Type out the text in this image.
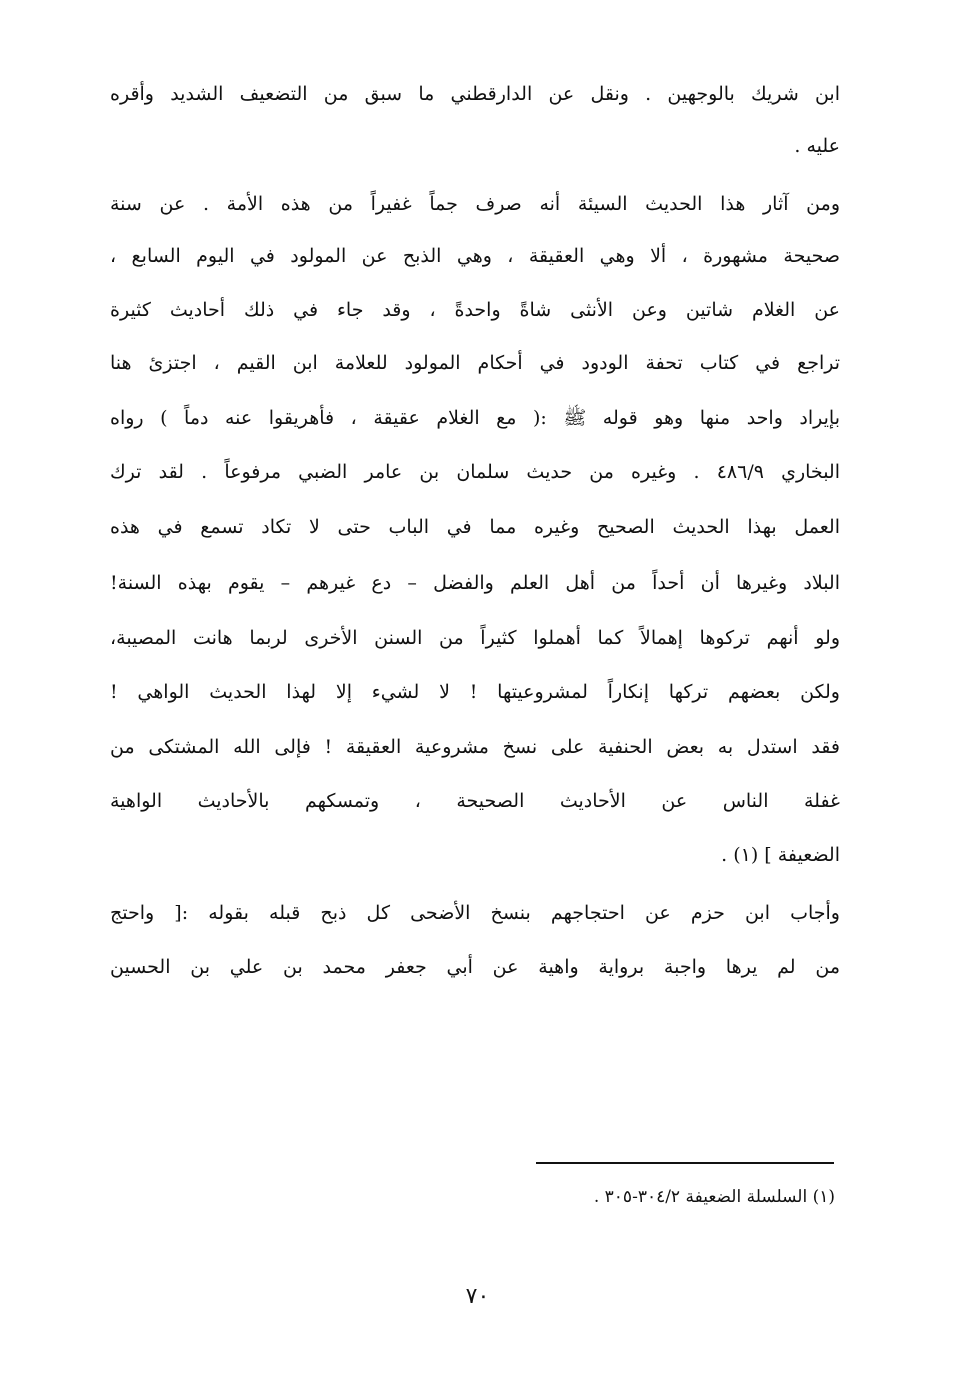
ابن شريك بالوجهين . ونقل عن الدارقطني ما سبق من التضعيف الشديد وأقره
عليه .
ومن آثار هذا الحديث السيئة أنه صرف جماً غفيراً من هذه الأمة . عن سنة
صحيحة مشهورة ، ألا وهي العقيقة ، وهي الذبح عن المولود في اليوم السابع ،
عن الغلام شاتين وعن الأنثى شاةً واحدةً ، وقد جاء في ذلك أحاديث كثيرة
تراجع في كتاب تحفة الودود في أحكام المولود للعلامة ابن القيم ، اجتزئ هنا
بإيراد واحد منها وهو قوله ﷺ :( مع الغلام عقيقة ، فأهريقوا عنه دماً ) رواه
البخاري ٤٨٦/٩ . وغيره من حديث سلمان بن عامر الضبي مرفوعاً . لقد ترك
العمل بهذا الحديث الصحيح وغيره مما في الباب حتى لا تكاد تسمع في هذه
البلاد وغيرها أن أحداً من أهل العلم والفضل – دع غيرهم – يقوم بهذه السنة!
ولو أنهم تركوها إهمالاً كما أهملوا كثيراً من السنن الأخرى لربما هانت المصيبة،
ولكن بعضهم تركها إنكاراً لمشروعيتها ! لا لشيء إلا لهذا الحديث الواهي !
فقد استدل به بعض الحنفية على نسخ مشروعية العقيقة ! فإلى الله المشتكى من
غفلة الناس عن الأحاديث الصحيحة ، وتمسكهم بالأحاديث الواهية
الضعيفة ] (١) .
وأجاب ابن حزم عن احتجاجهم بنسخ الأضحى كل ذبح قبله بقوله :[ واحتج
من لم يرها واجبة برواية واهية عن أبي جعفر محمد بن علي بن الحسين
(١) السلسلة الضعيفة ٣٠٤/٢-٣٠٥ .
٧٠
